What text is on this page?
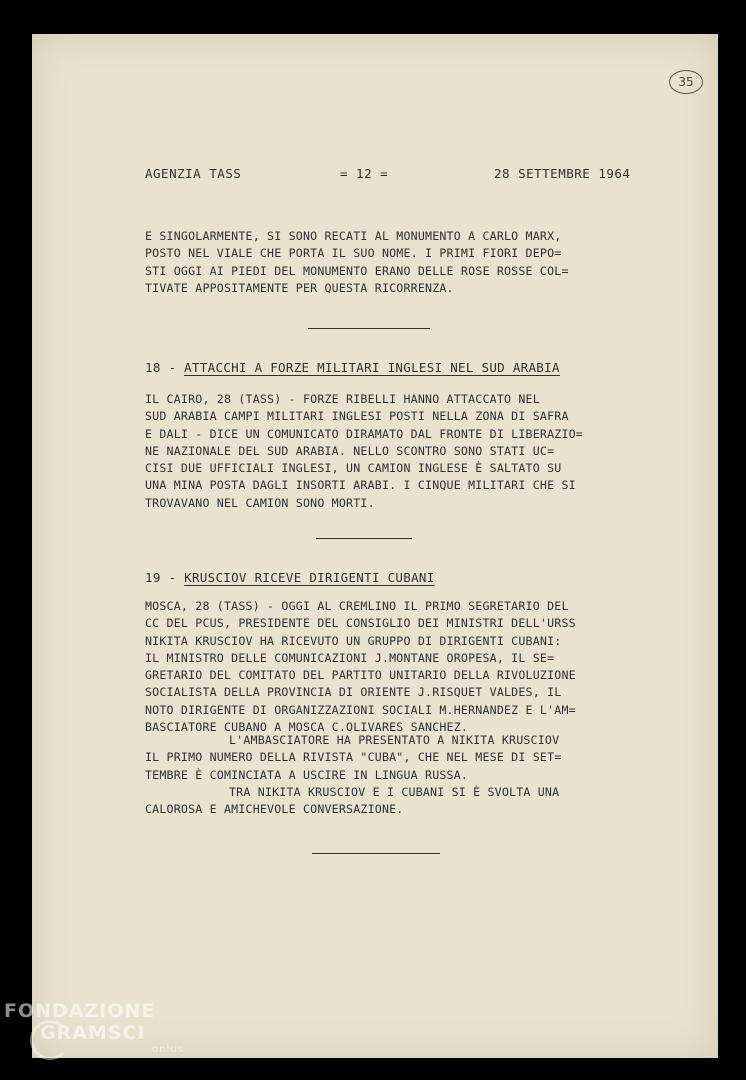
35
AGENZIA TASS	= 12 =	28 SETTEMBRE 1964
E SINGOLARMENTE, SI SONO RECATI AL MONUMENTO A CARLO MARX,
POSTO NEL VIALE CHE PORTA IL SUO NOME. I PRIMI FIORI DEPO=
STI OGGI AI PIEDI DEL MONUMENTO ERANO DELLE ROSE ROSSE COL=
TIVATE APPOSITAMENTE PER QUESTA RICORRENZA.
18 - ATTACCHI A FORZE MILITARI INGLESI NEL SUD ARABIA
IL CAIRO, 28 (TASS) - FORZE RIBELLI HANNO ATTACCATO NEL
SUD ARABIA CAMPI MILITARI INGLESI POSTI NELLA ZONA DI SAFRA
E DALI - DICE UN COMUNICATO DIRAMATO DAL FRONTE DI LIBERAZIO=
NE NAZIONALE DEL SUD ARABIA. NELLO SCONTRO SONO STATI UC=
CISI DUE UFFICIALI INGLESI, UN CAMION INGLESE È SALTATO SU
UNA MINA POSTA DAGLI INSORTI ARABI. I CINQUE MILITARI CHE SI
TROVAVANO NEL CAMION SONO MORTI.
19 - KRUSCIOV RICEVE DIRIGENTI CUBANI
MOSCA, 28 (TASS) - OGGI AL CREMLINO IL PRIMO SEGRETARIO DEL
CC DEL PCUS, PRESIDENTE DEL CONSIGLIO DEI MINISTRI DELL'URSS
NIKITA KRUSCIOV HA RICEVUTO UN GRUPPO DI DIRIGENTI CUBANI:
IL MINISTRO DELLE COMUNICAZIONI J.MONTANE OROPESA, IL SE=
GRETARIO DEL COMITATO DEL PARTITO UNITARIO DELLA RIVOLUZIONE
SOCIALISTA DELLA PROVINCIA DI ORIENTE J.RISQUET VALDES, IL
NOTO DIRIGENTE DI ORGANIZZAZIONI SOCIALI M.HERNANDEZ E L'AM=
BASCIATORE CUBANO A MOSCA C.OLIVARES SANCHEZ.
L'AMBASCIATORE HA PRESENTATO A NIKITA KRUSCIOV
IL PRIMO NUMERO DELLA RIVISTA "CUBA", CHE NEL MESE DI SET=
TEMBRE È COMINCIATA A USCIRE IN LINGUA RUSSA.
TRA NIKITA KRUSCIOV E I CUBANI SI È SVOLTA UNA
CALOROSA E AMICHEVOLE CONVERSAZIONE.
FONDAZIONE
GRAMSCI
onlus
